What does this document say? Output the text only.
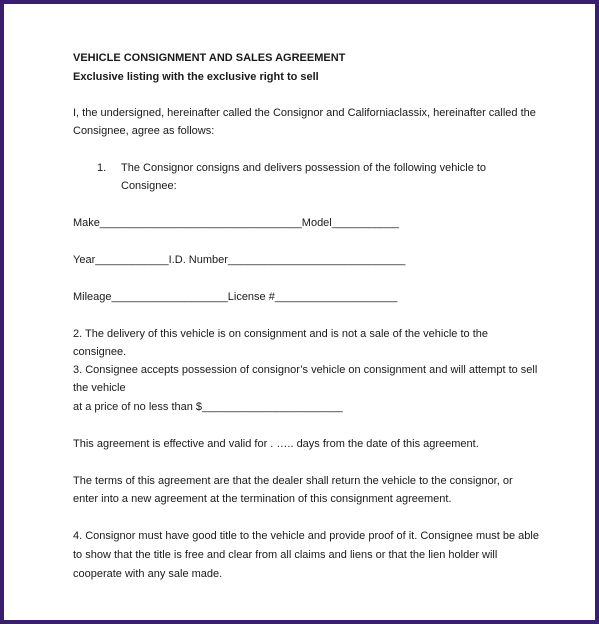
VEHICLE CONSIGNMENT AND SALES AGREEMENT
Exclusive listing with the exclusive right to sell
I, the undersigned, hereinafter called the Consignor and Californiaclassix, hereinafter called the
Consignee, agree as follows:
1. The Consignor consigns and delivers possession of the following vehicle to
Consignee:
Make_________________________________Model___________
Year____________I.D. Number_____________________________
Mileage___________________License #____________________
2. The delivery of this vehicle is on consignment and is not a sale of the vehicle to the
consignee.
3. Consignee accepts possession of consignor’s vehicle on consignment and will attempt to sell
the vehicle
at a price of no less than $_______________________
This agreement is effective and valid for . ….. days from the date of this agreement.
The terms of this agreement are that the dealer shall return the vehicle to the consignor, or
enter into a new agreement at the termination of this consignment agreement.
4. Consignor must have good title to the vehicle and provide proof of it. Consignee must be able
to show that the title is free and clear from all claims and liens or that the lien holder will
cooperate with any sale made.
